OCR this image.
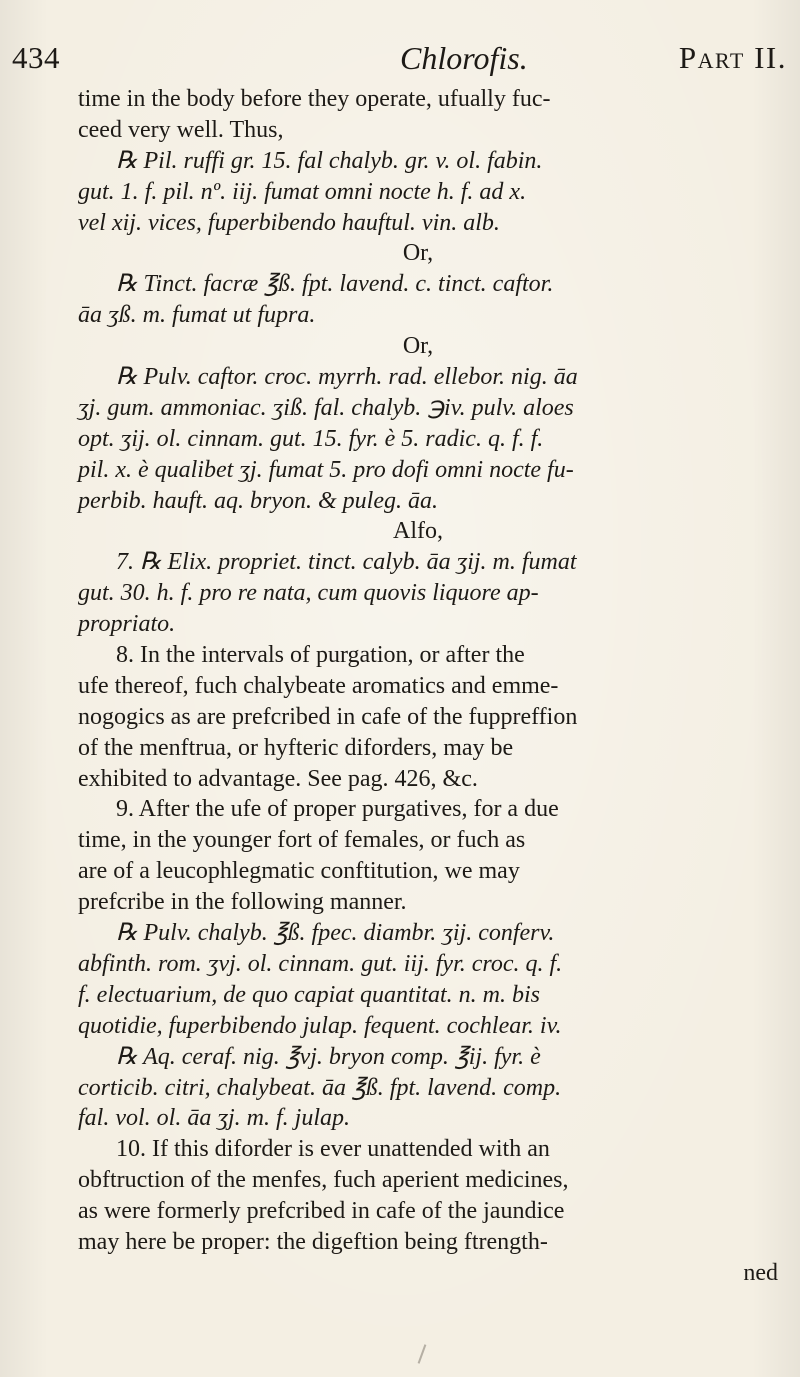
434	Chlorofis.	Part II.
time in the body before they operate, ufually fuc-
ceed very well. Thus,
℞ Pil. ruffi gr. 15. fal chalyb. gr. v. ol. fabin.
gut. 1. f. pil. nº. iij. fumat omni nocte h. f. ad x.
vel xij. vices, fuperbibendo hauftul. vin. alb.
Or,
℞ Tinct. facræ ℥ß. fpt. lavend. c. tinct. caftor.
āa ʒß. m. fumat ut fupra.
Or,
℞ Pulv. caftor. croc. myrrh. rad. ellebor. nig. āa
ʒj. gum. ammoniac. ʒiß. fal. chalyb. ℈iv. pulv. aloes
opt. ʒij. ol. cinnam. gut. 15. fyr. è 5. radic. q. f. f.
pil. x. è qualibet ʒj. fumat 5. pro dofi omni nocte fu-
perbib. hauft. aq. bryon. & puleg. āa.
Alfo,
7. ℞ Elix. propriet. tinct. calyb. āa ʒij. m. fumat
gut. 30. h. f. pro re nata, cum quovis liquore ap-
propriato.
8. In the intervals of purgation, or after the
ufe thereof, fuch chalybeate aromatics and emme-
nogogics as are prefcribed in cafe of the fuppreffion
of the menftrua, or hyfteric diforders, may be
exhibited to advantage. See pag. 426, &c.
9. After the ufe of proper purgatives, for a due
time, in the younger fort of females, or fuch as
are of a leucophlegmatic conftitution, we may
prefcribe in the following manner.
℞ Pulv. chalyb. ℥ß. fpec. diambr. ʒij. conferv.
abfinth. rom. ʒvj. ol. cinnam. gut. iij. fyr. croc. q. f.
f. electuarium, de quo capiat quantitat. n. m. bis
quotidie, fuperbibendo julap. fequent. cochlear. iv.
℞ Aq. ceraf. nig. ℥vj. bryon comp. ℥ij. fyr. è
corticib. citri, chalybeat. āa ℥ß. fpt. lavend. comp.
fal. vol. ol. āa ʒj. m. f. julap.
10. If this diforder is ever unattended with an
obftruction of the menfes, fuch aperient medicines,
as were formerly prefcribed in cafe of the jaundice
may here be proper: the digeftion being ftrength-
ned
